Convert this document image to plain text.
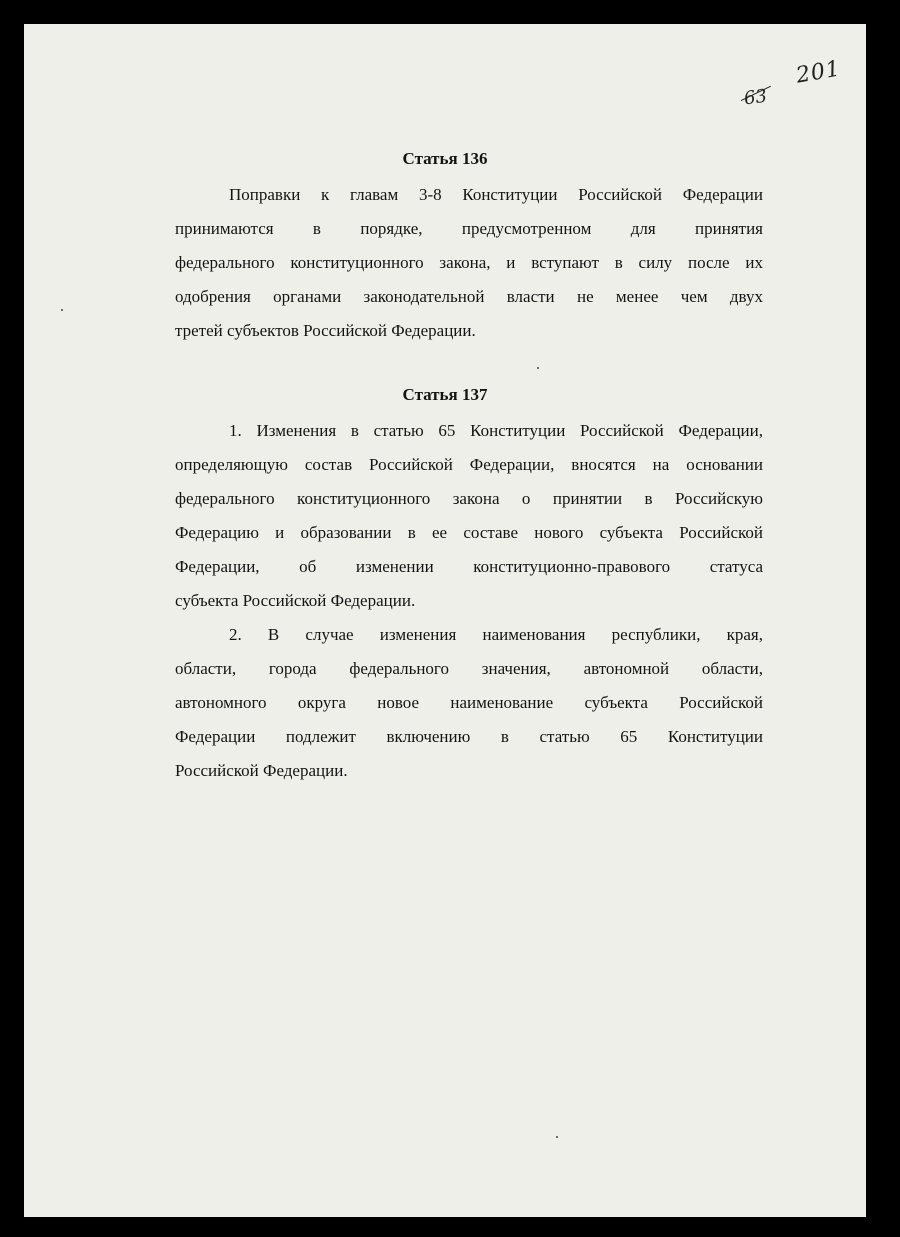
63
201
Статья 136
Поправки к главам 3-8 Конституции Российской Федерации
принимаются в порядке, предусмотренном для принятия
федерального конституционного закона, и вступают в силу после их
одобрения органами законодательной власти не менее чем двух
третей субъектов Российской Федерации.
Статья 137
1. Изменения в статью 65 Конституции Российской Федерации,
определяющую состав Российской Федерации, вносятся на основании
федерального конституционного закона о принятии в Российскую
Федерацию и образовании в ее составе нового субъекта Российской
Федерации, об изменении конституционно-правового статуса
субъекта Российской Федерации.
2. В случае изменения наименования республики, края,
области, города федерального значения, автономной области,
автономного округа новое наименование субъекта Российской
Федерации подлежит включению в статью 65 Конституции
Российской Федерации.
